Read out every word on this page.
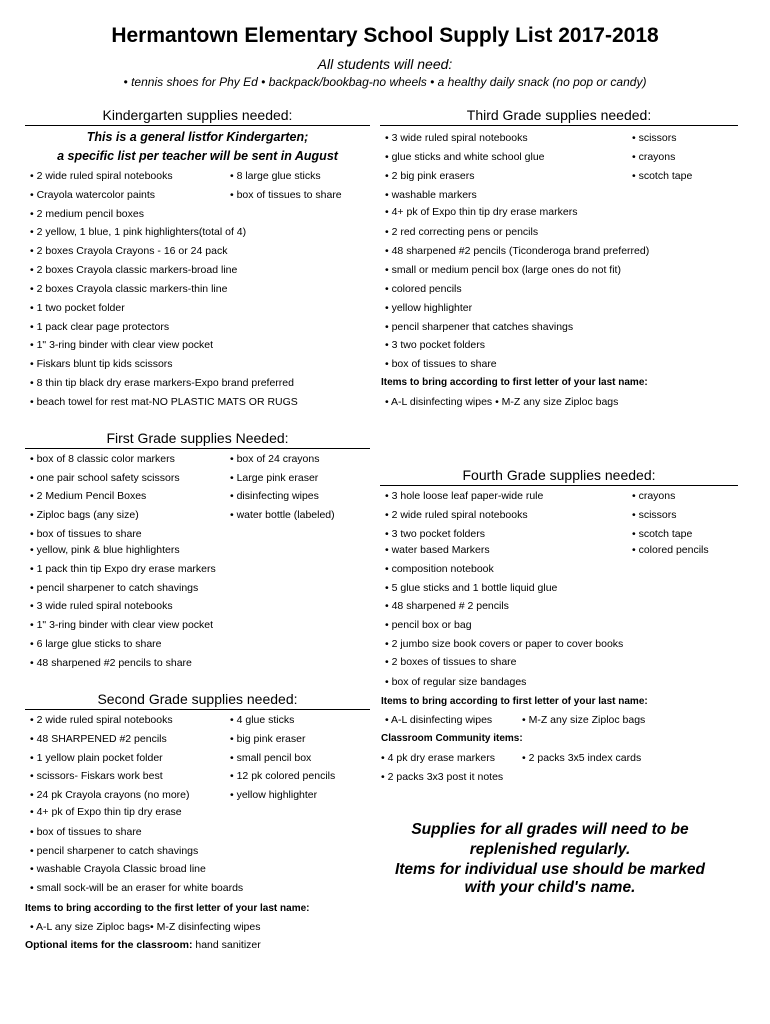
Hermantown Elementary School Supply List 2017-2018
All students will need:
• tennis shoes for Phy Ed • backpack/bookbag-no wheels • a healthy daily snack (no pop or candy)
Kindergarten supplies needed:
This is a general listfor Kindergarten;
a specific list per teacher will be sent in August
• 2 wide ruled spiral notebooks	• 8 large glue sticks
• Crayola watercolor paints	• box of tissues to share
• 2 medium pencil boxes
• 2 yellow, 1 blue, 1 pink highlighters(total of 4)
• 2 boxes Crayola Crayons - 16 or 24 pack
• 2 boxes Crayola classic markers-broad line
• 2 boxes Crayola classic markers-thin line
• 1 two pocket folder
• 1 pack clear page protectors
• 1" 3-ring binder with clear view pocket
• Fiskars blunt tip kids scissors
• 8 thin tip black dry erase markers-Expo brand preferred
• beach towel for rest mat-NO PLASTIC MATS OR RUGS
First Grade supplies Needed:
• box of 8 classic color markers	• box of 24 crayons
• one pair school safety scissors	• Large pink eraser
• 2 Medium Pencil Boxes	• disinfecting wipes
• Ziploc bags (any size)	• water bottle (labeled)
• box of tissues to share
• yellow, pink & blue highlighters
• 1 pack thin tip Expo dry erase markers
• pencil sharpener to catch shavings
• 3 wide ruled spiral notebooks
• 1" 3-ring binder with clear view pocket
• 6 large glue sticks to share
• 48 sharpened #2 pencils to share
Second Grade supplies needed:
• 2 wide ruled spiral notebooks	• 4 glue sticks
• 48 SHARPENED #2 pencils	• big pink eraser
• 1 yellow plain pocket folder	• small pencil box
• scissors- Fiskars work best	• 12 pk colored pencils
• 24 pk Crayola crayons (no more)	• yellow highlighter
• 4+ pk of Expo thin tip dry erase
• box of tissues to share
• pencil sharpener to catch shavings
• washable Crayola Classic broad line
• small sock-will be an eraser for white boards
Items to bring according to the first letter of your last name:
• A-L any size Ziploc bags• M-Z disinfecting wipes
Optional items for the classroom: hand sanitizer
Third Grade supplies needed:
• 3 wide ruled spiral notebooks	• scissors
• glue sticks and white school glue	• crayons
• 2 big pink erasers	• scotch tape
• washable markers
• 4+ pk of Expo thin tip dry erase markers
• 2 red correcting pens or pencils
• 48 sharpened #2 pencils (Ticonderoga brand preferred)
• small or medium pencil box (large ones do not fit)
• colored pencils
• yellow highlighter
• pencil sharpener that catches shavings
• 3 two pocket folders
• box of tissues to share
Items to bring according to first letter of your last name:
• A-L disinfecting wipes • M-Z any size Ziploc bags
Fourth Grade supplies needed:
• 3 hole loose leaf paper-wide rule	• crayons
• 2 wide ruled spiral notebooks	• scissors
• 3 two pocket folders	• scotch tape
• water based Markers	• colored pencils
• composition notebook
• 5 glue sticks and 1 bottle liquid glue
• 48 sharpened # 2 pencils
• pencil box or bag
• 2 jumbo size book covers or paper to cover books
• 2 boxes of tissues to share
• box of regular size bandages
Items to bring according to first letter of your last name:
• A-L disinfecting wipes	• M-Z any size Ziploc bags
Classroom Community items:
• 4 pk dry erase markers	• 2 packs 3x5 index cards
• 2 packs 3x3 post it notes
Supplies for all grades will need to be
replenished regularly.
Items for individual use should be marked
with your child's name.
